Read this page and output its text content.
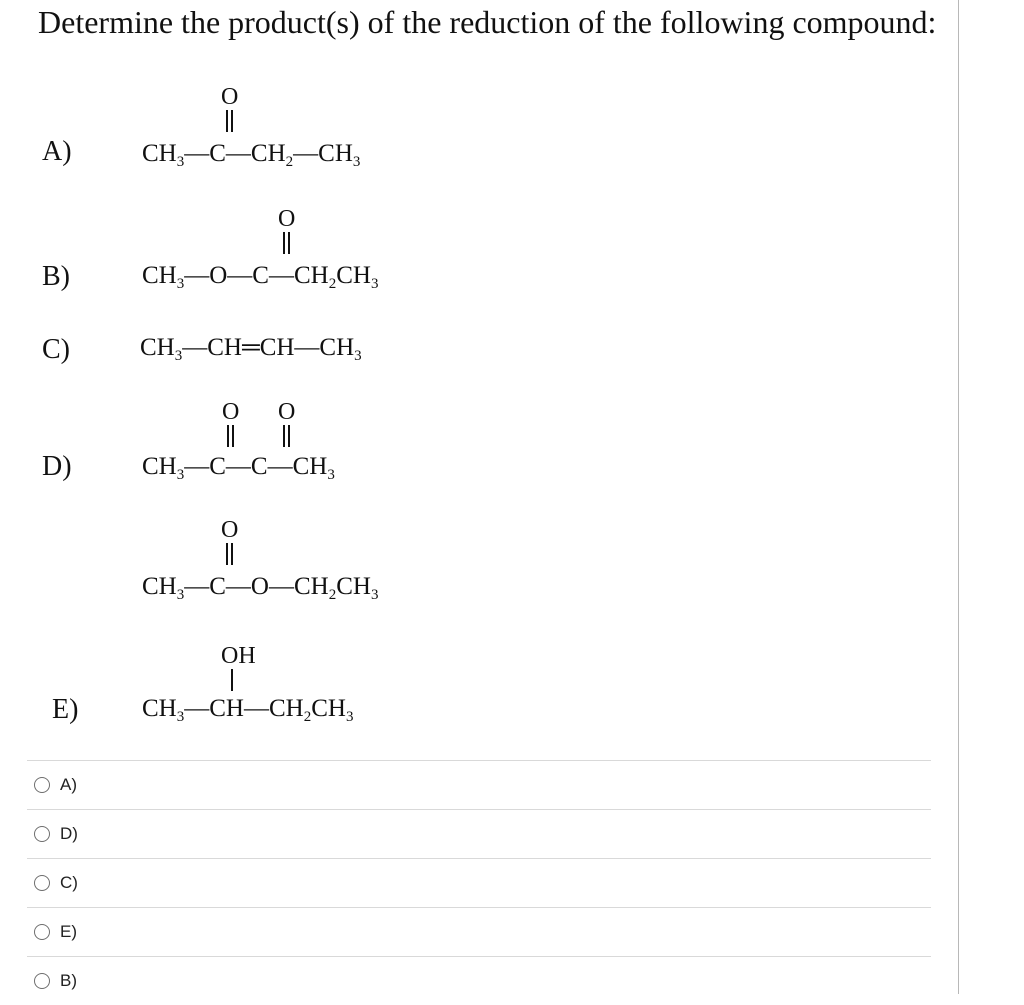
Determine the product(s) of the reduction of the following compound:
A)
O
$CH_3—C—CH_2—CH_3$
B)
O
$CH_3—O—C—CH_2CH_3$
C)	$CH_3—CH═CH—CH_3$
D)
O O
$CH_3—C—C—CH_3$
O
$CH_3—C—O—CH_2CH_3$
E)
OH
$CH_3—CH—CH_2CH_3$
A)
D)
C)
E)
B)
